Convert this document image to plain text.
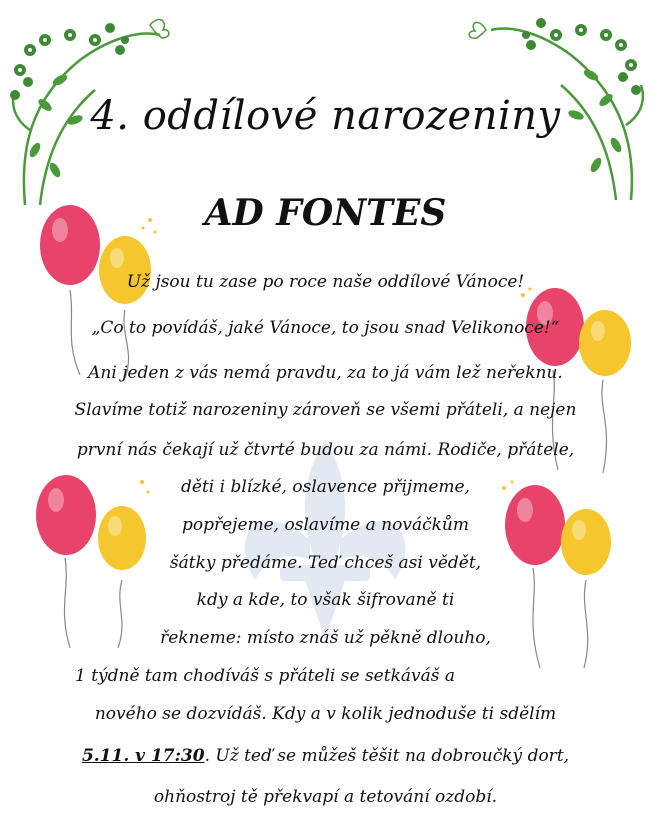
4. oddílové narozeniny
AD FONTES
Už jsou tu zase po roce naše oddílové Vánoce!
„Co to povídáš, jaké Vánoce, to jsou snad Velikonoce!“
Ani jeden z vás nemá pravdu, za to já vám lež neřeknu.
Slavíme totiž narozeniny zároveň se všemi přáteli, a nejen
první nás čekají už čtvrté budou za námi. Rodiče, přátele,
děti i blízké, oslavence přijmeme,
popřejeme, oslavíme a nováčkům
šátky předáme. Teď chceš asi vědět,
kdy a kde, to však šifrovaně ti
řekneme: místo znáš už pěkně dlouho,
1 týdně tam chodíváš s přáteli se setkáváš a
nového se dozvídáš. Kdy a v kolik jednoduše ti sdělím
5.11. v 17:30. Už teď se můžeš těšit na dobroučký dort,
ohňostroj tě překvapí a tetování ozdobí.
